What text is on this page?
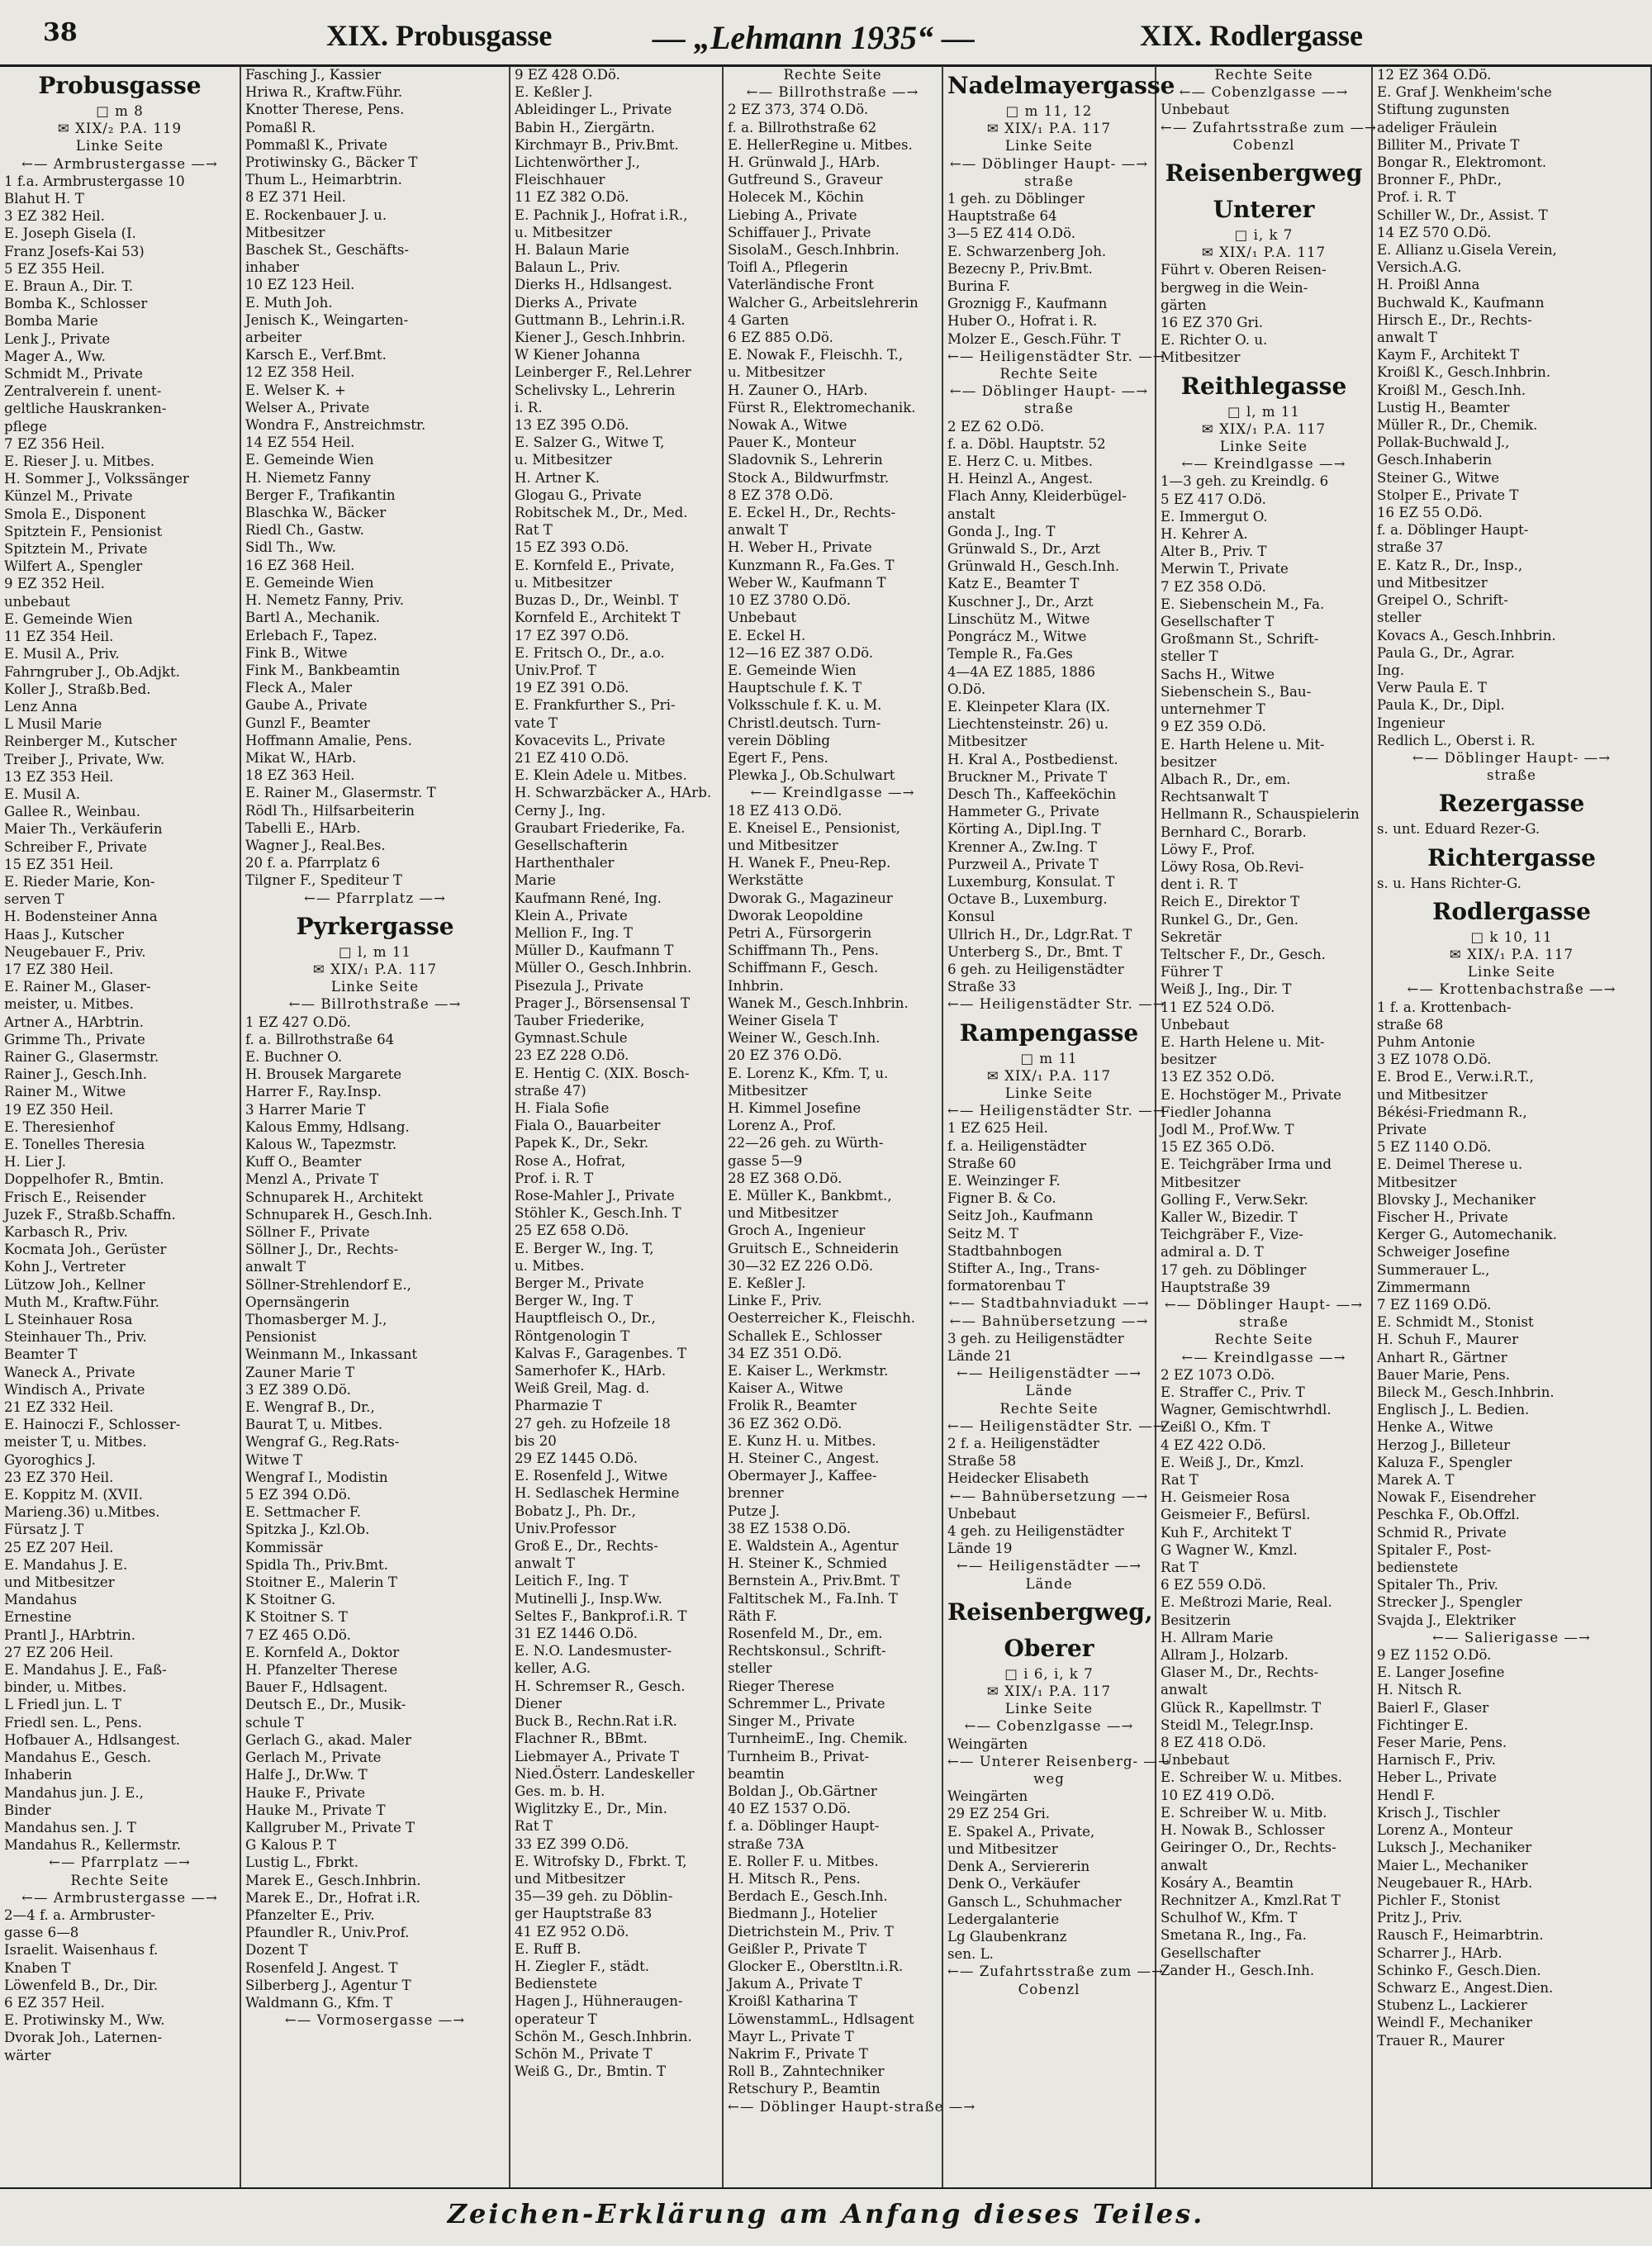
38	XIX. Probusgasse	— „Lehmann 1935“ —	XIX. Rodlergasse
Probusgasse
□ m 8
✉ XIX/₂ P.A. 119
Linke Seite
←— Armbrustergasse —→
1 f.a. Armbrustergasse 10
Blahut H. T
3 EZ 382 Heil.
E. Joseph Gisela (I.
Franz Josefs-Kai 53)
5 EZ 355 Heil.
E. Braun A., Dir. T.
Bomba K., Schlosser
Bomba Marie
Lenk J., Private
Mager A., Ww.
Schmidt M., Private
Zentralverein f. unent-
geltliche Hauskranken-
pflege
7 EZ 356 Heil.
E. Rieser J. u. Mitbes.
H. Sommer J., Volkssänger
Künzel M., Private
Smola E., Disponent
Spitztein F., Pensionist
Spitztein M., Private
Wilfert A., Spengler
9 EZ 352 Heil.
unbebaut
E. Gemeinde Wien
11 EZ 354 Heil.
E. Musil A., Priv.
Fahrngruber J., Ob.Adjkt.
Koller J., Straßb.Bed.
Lenz Anna
L Musil Marie
Reinberger M., Kutscher
Treiber J., Private, Ww.
13 EZ 353 Heil.
E. Musil A.
Gallee R., Weinbau.
Maier Th., Verkäuferin
Schreiber F., Private
15 EZ 351 Heil.
E. Rieder Marie, Kon-
serven T
H. Bodensteiner Anna
Haas J., Kutscher
Neugebauer F., Priv.
17 EZ 380 Heil.
E. Rainer M., Glaser-
meister, u. Mitbes.
Artner A., HArbtrin.
Grimme Th., Private
Rainer G., Glasermstr.
Rainer J., Gesch.Inh.
Rainer M., Witwe
19 EZ 350 Heil.
E. Theresienhof
E. Tonelles Theresia
H. Lier J.
Doppelhofer R., Bmtin.
Frisch E., Reisender
Juzek F., Straßb.Schaffn.
Karbasch R., Priv.
Kocmata Joh., Gerüster
Kohn J., Vertreter
Lützow Joh., Kellner
Muth M., Kraftw.Führ.
L Steinhauer Rosa
Steinhauer Th., Priv.
Beamter T
Waneck A., Private
Windisch A., Private
21 EZ 332 Heil.
E. Hainoczi F., Schlosser-
meister T, u. Mitbes.
Gyoroghics J.
23 EZ 370 Heil.
E. Koppitz M. (XVII.
Marieng.36) u.Mitbes.
Fürsatz J. T
25 EZ 207 Heil.
E. Mandahus J. E.
und Mitbesitzer
Mandahus
Ernestine
Prantl J., HArbtrin.
27 EZ 206 Heil.
E. Mandahus J. E., Faß-
binder, u. Mitbes.
L Friedl jun. L. T
Friedl sen. L., Pens.
Hofbauer A., Hdlsangest.
Mandahus E., Gesch.
Inhaberin
Mandahus jun. J. E.,
Binder
Mandahus sen. J. T
Mandahus R., Kellermstr.
←— Pfarrplatz —→
Rechte Seite
←— Armbrustergasse —→
2—4 f. a. Armbruster-
gasse 6—8
Israelit. Waisenhaus f.
Knaben T
Löwenfeld B., Dr., Dir.
6 EZ 357 Heil.
E. Protiwinsky M., Ww.
Dvorak Joh., Laternen-
wärter
Fasching J., Kassier
Hriwa R., Kraftw.Führ.
Knotter Therese, Pens.
Pomaßl R.
Pommaßl K., Private
Protiwinsky G., Bäcker T
Thum L., Heimarbtrin.
8 EZ 371 Heil.
E. Rockenbauer J. u.
Mitbesitzer
Baschek St., Geschäfts-
inhaber
10 EZ 123 Heil.
E. Muth Joh.
Jenisch K., Weingarten-
arbeiter
Karsch E., Verf.Bmt.
12 EZ 358 Heil.
E. Welser K. +
Welser A., Private
Wondra F., Anstreichmstr.
14 EZ 554 Heil.
E. Gemeinde Wien
H. Niemetz Fanny
Berger F., Trafikantin
Blaschka W., Bäcker
Riedl Ch., Gastw.
Sidl Th., Ww.
16 EZ 368 Heil.
E. Gemeinde Wien
H. Nemetz Fanny, Priv.
Bartl A., Mechanik.
Erlebach F., Tapez.
Fink B., Witwe
Fink M., Bankbeamtin
Fleck A., Maler
Gaube A., Private
Gunzl F., Beamter
Hoffmann Amalie, Pens.
Mikat W., HArb.
18 EZ 363 Heil.
E. Rainer M., Glasermstr. T
Rödl Th., Hilfsarbeiterin
Tabelli E., HArb.
Wagner J., Real.Bes.
20 f. a. Pfarrplatz 6
Tilgner F., Spediteur T
←— Pfarrplatz —→
Pyrkergasse
□ l, m 11
✉ XIX/₁ P.A. 117
Linke Seite
←— Billrothstraße —→
1 EZ 427 O.Dö.
f. a. Billrothstraße 64
E. Buchner O.
H. Brousek Margarete
Harrer F., Ray.Insp.
3 Harrer Marie T
Kalous Emmy, Hdlsang.
Kalous W., Tapezmstr.
Kuff O., Beamter
Menzl A., Private T
Schnuparek H., Architekt
Schnuparek H., Gesch.Inh.
Söllner F., Private
Söllner J., Dr., Rechts-
anwalt T
Söllner-Strehlendorf E.,
Opernsängerin
Thomasberger M. J.,
Pensionist
Weinmann M., Inkassant
Zauner Marie T
3 EZ 389 O.Dö.
E. Wengraf B., Dr.,
Baurat T, u. Mitbes.
Wengraf G., Reg.Rats-
Witwe T
Wengraf I., Modistin
5 EZ 394 O.Dö.
E. Settmacher F.
Spitzka J., Kzl.Ob.
Kommissär
Spidla Th., Priv.Bmt.
Stoitner E., Malerin T
K Stoitner G.
K Stoitner S. T
7 EZ 465 O.Dö.
E. Kornfeld A., Doktor
H. Pfanzelter Therese
Bauer F., Hdlsagent.
Deutsch E., Dr., Musik-
schule T
Gerlach G., akad. Maler
Gerlach M., Private
Halfe J., Dr.Ww. T
Hauke F., Private
Hauke M., Private T
Kallgruber M., Private T
G Kalous P. T
Lustig L., Fbrkt.
Marek E., Gesch.Inhbrin.
Marek E., Dr., Hofrat i.R.
Pfanzelter E., Priv.
Pfaundler R., Univ.Prof.
Dozent T
Rosenfeld J. Angest. T
Silberberg J., Agentur T
Waldmann G., Kfm. T
←— Vormosergasse —→
9 EZ 428 O.Dö.
E. Keßler J.
Ableidinger L., Private
Babin H., Ziergärtn.
Kirchmayr B., Priv.Bmt.
Lichtenwörther J.,
Fleischhauer
11 EZ 382 O.Dö.
E. Pachnik J., Hofrat i.R.,
u. Mitbesitzer
H. Balaun Marie
Balaun L., Priv.
Dierks H., Hdlsangest.
Dierks A., Private
Guttmann B., Lehrin.i.R.
Kiener J., Gesch.Inhbrin.
W Kiener Johanna
Leinberger F., Rel.Lehrer
Schelivsky L., Lehrerin
i. R.
13 EZ 395 O.Dö.
E. Salzer G., Witwe T,
u. Mitbesitzer
H. Artner K.
Glogau G., Private
Robitschek M., Dr., Med.
Rat T
15 EZ 393 O.Dö.
E. Kornfeld E., Private,
u. Mitbesitzer
Buzas D., Dr., Weinbl. T
Kornfeld E., Architekt T
17 EZ 397 O.Dö.
E. Fritsch O., Dr., a.o.
Univ.Prof. T
19 EZ 391 O.Dö.
E. Frankfurther S., Pri-
vate T
Kovacevits L., Private
21 EZ 410 O.Dö.
E. Klein Adele u. Mitbes.
H. Schwarzbäcker A., HArb.
Cerny J., Ing.
Graubart Friederike, Fa.
Gesellschafterin
Harthenthaler
Marie
Kaufmann René, Ing.
Klein A., Private
Mellion F., Ing. T
Müller D., Kaufmann T
Müller O., Gesch.Inhbrin.
Pisezula J., Private
Prager J., Börsensensal T
Tauber Friederike,
Gymnast.Schule
23 EZ 228 O.Dö.
E. Hentig C. (XIX. Bosch-
straße 47)
H. Fiala Sofie
Fiala O., Bauarbeiter
Papek K., Dr., Sekr.
Rose A., Hofrat,
Prof. i. R. T
Rose-Mahler J., Private
Stöhler K., Gesch.Inh. T
25 EZ 658 O.Dö.
E. Berger W., Ing. T,
u. Mitbes.
Berger M., Private
Berger W., Ing. T
Hauptfleisch O., Dr.,
Röntgenologin T
Kalvas F., Garagenbes. T
Samerhofer K., HArb.
Weiß Greil, Mag. d.
Pharmazie T
27 geh. zu Hofzeile 18
bis 20
29 EZ 1445 O.Dö.
E. Rosenfeld J., Witwe
H. Sedlaschek Hermine
Bobatz J., Ph. Dr.,
Univ.Professor
Groß E., Dr., Rechts-
anwalt T
Leitich F., Ing. T
Mutinelli J., Insp.Ww.
Seltes F., Bankprof.i.R. T
31 EZ 1446 O.Dö.
E. N.O. Landesmuster-
keller, A.G.
H. Schremser R., Gesch.
Diener
Buck B., Rechn.Rat i.R.
Flachner R., BBmt.
Liebmayer A., Private T
Nied.Österr. Landeskeller
Ges. m. b. H.
Wiglitzky E., Dr., Min.
Rat T
33 EZ 399 O.Dö.
E. Witrofsky D., Fbrkt. T,
und Mitbesitzer
35—39 geh. zu Döblin-
ger Hauptstraße 83
41 EZ 952 O.Dö.
E. Ruff B.
H. Ziegler F., städt.
Bedienstete
Hagen J., Hühneraugen-
operateur T
Schön M., Gesch.Inhbrin.
Schön M., Private T
Weiß G., Dr., Bmtin. T
Rechte Seite
←— Billrothstraße —→
2 EZ 373, 374 O.Dö.
f. a. Billrothstraße 62
E. HellerRegine u. Mitbes.
H. Grünwald J., HArb.
Gutfreund S., Graveur
Holecek M., Köchin
Liebing A., Private
Schiffauer J., Private
SisolaM., Gesch.Inhbrin.
Toifl A., Pflegerin
Vaterländische Front
Walcher G., Arbeitslehrerin
4 Garten
6 EZ 885 O.Dö.
E. Nowak F., Fleischh. T.,
u. Mitbesitzer
H. Zauner O., HArb.
Fürst R., Elektromechanik.
Nowak A., Witwe
Pauer K., Monteur
Sladovnik S., Lehrerin
Stock A., Bildwurfmstr.
8 EZ 378 O.Dö.
E. Eckel H., Dr., Rechts-
anwalt T
H. Weber H., Private
Kunzmann R., Fa.Ges. T
Weber W., Kaufmann T
10 EZ 3780 O.Dö.
Unbebaut
E. Eckel H.
12—16 EZ 387 O.Dö.
E. Gemeinde Wien
Hauptschule f. K. T
Volksschule f. K. u. M.
Christl.deutsch. Turn-
verein Döbling
Egert F., Pens.
Plewka J., Ob.Schulwart
←— Kreindlgasse —→
18 EZ 413 O.Dö.
E. Kneisel E., Pensionist,
und Mitbesitzer
H. Wanek F., Pneu-Rep.
Werkstätte
Dworak G., Magazineur
Dworak Leopoldine
Petri A., Fürsorgerin
Schiffmann Th., Pens.
Schiffmann F., Gesch.
Inhbrin.
Wanek M., Gesch.Inhbrin.
Weiner Gisela T
Weiner W., Gesch.Inh.
20 EZ 376 O.Dö.
E. Lorenz K., Kfm. T, u.
Mitbesitzer
H. Kimmel Josefine
Lorenz A., Prof.
22—26 geh. zu Würth-
gasse 5—9
28 EZ 368 O.Dö.
E. Müller K., Bankbmt.,
und Mitbesitzer
Groch A., Ingenieur
Gruitsch E., Schneiderin
30—32 EZ 226 O.Dö.
E. Keßler J.
Linke F., Priv.
Oesterreicher K., Fleischh.
Schallek E., Schlosser
34 EZ 351 O.Dö.
E. Kaiser L., Werkmstr.
Kaiser A., Witwe
Frolik R., Beamter
36 EZ 362 O.Dö.
E. Kunz H. u. Mitbes.
H. Steiner C., Angest.
Obermayer J., Kaffee-
brenner
Putze J.
38 EZ 1538 O.Dö.
E. Waldstein A., Agentur
H. Steiner K., Schmied
Bernstein A., Priv.Bmt. T
Faltitschek M., Fa.Inh. T
Räth F.
Rosenfeld M., Dr., em.
Rechtskonsul., Schrift-
steller
Rieger Therese
Schremmer L., Private
Singer M., Private
TurnheimE., Ing. Chemik.
Turnheim B., Privat-
beamtin
Boldan J., Ob.Gärtner
40 EZ 1537 O.Dö.
f. a. Döblinger Haupt-
straße 73A
E. Roller F. u. Mitbes.
H. Mitsch R., Pens.
Berdach E., Gesch.Inh.
Biedmann J., Hotelier
Dietrichstein M., Priv. T
Geißler P., Private T
Glocker E., Oberstltn.i.R.
Jakum A., Private T
Kroißl Katharina T
LöwenstammL., Hdlsagent
Mayr L., Private T
Nakrim F., Private T
Roll B., Zahntechniker
Retschury P., Beamtin
←— Döblinger Haupt-straße —→
Nadelmayergasse
□ m 11, 12
✉ XIX/₁ P.A. 117
Linke Seite
←— Döblinger Haupt- —→
straße
1 geh. zu Döblinger
Hauptstraße 64
3—5 EZ 414 O.Dö.
E. Schwarzenberg Joh.
Bezecny P., Priv.Bmt.
Burina F.
Groznigg F., Kaufmann
Huber O., Hofrat i. R.
Molzer E., Gesch.Führ. T
←— Heiligenstädter Str. —→
Rechte Seite
←— Döblinger Haupt- —→
straße
2 EZ 62 O.Dö.
f. a. Döbl. Hauptstr. 52
E. Herz C. u. Mitbes.
H. Heinzl A., Angest.
Flach Anny, Kleiderbügel-
anstalt
Gonda J., Ing. T
Grünwald S., Dr., Arzt
Grünwald H., Gesch.Inh.
Katz E., Beamter T
Kuschner J., Dr., Arzt
Linschütz M., Witwe
Pongrácz M., Witwe
Temple R., Fa.Ges
4—4A EZ 1885, 1886
O.Dö.
E. Kleinpeter Klara (IX.
Liechtensteinstr. 26) u.
Mitbesitzer
H. Kral A., Postbedienst.
Bruckner M., Private T
Desch Th., Kaffeeköchin
Hammeter G., Private
Körting A., Dipl.Ing. T
Krenner A., Zw.Ing. T
Purzweil A., Private T
Luxemburg, Konsulat. T
Octave B., Luxemburg.
Konsul
Ullrich H., Dr., Ldgr.Rat. T
Unterberg S., Dr., Bmt. T
6 geh. zu Heiligenstädter
Straße 33
←— Heiligenstädter Str. —→
Rampengasse
□ m 11
✉ XIX/₁ P.A. 117
Linke Seite
←— Heiligenstädter Str. —→
1 EZ 625 Heil.
f. a. Heiligenstädter
Straße 60
E. Weinzinger F.
Figner B. & Co.
Seitz Joh., Kaufmann
Seitz M. T
Stadtbahnbogen
Stifter A., Ing., Trans-
formatorenbau T
←— Stadtbahnviadukt —→
←— Bahnübersetzung —→
3 geh. zu Heiligenstädter
Lände 21
←— Heiligenstädter —→
Lände
Rechte Seite
←— Heiligenstädter Str. —→
2 f. a. Heiligenstädter
Straße 58
Heidecker Elisabeth
←— Bahnübersetzung —→
Unbebaut
4 geh. zu Heiligenstädter
Lände 19
←— Heiligenstädter —→
Lände
Reisenbergweg,
Oberer
□ i 6, i, k 7
✉ XIX/₁ P.A. 117
Linke Seite
←— Cobenzlgasse —→
Weingärten
←— Unterer Reisenberg- —→
weg
Weingärten
29 EZ 254 Gri.
E. Spakel A., Private,
und Mitbesitzer
Denk A., Serviererin
Denk O., Verkäufer
Gansch L., Schuhmacher
Ledergalanterie
Lg Glaubenkranz
sen. L.
←— Zufahrtsstraße zum —→
Cobenzl
Rechte Seite
←— Cobenzlgasse —→
Unbebaut
←— Zufahrtsstraße zum —→
Cobenzl
Reisenbergweg
Unterer
□ i, k 7
✉ XIX/₁ P.A. 117
Führt v. Oberen Reisen-
bergweg in die Wein-
gärten
16 EZ 370 Gri.
E. Richter O. u.
Mitbesitzer
Reithlegasse
□ l, m 11
✉ XIX/₁ P.A. 117
Linke Seite
←— Kreindlgasse —→
1—3 geh. zu Kreindlg. 6
5 EZ 417 O.Dö.
E. Immergut O.
H. Kehrer A.
Alter B., Priv. T
Merwin T., Private
7 EZ 358 O.Dö.
E. Siebenschein M., Fa.
Gesellschafter T
Großmann St., Schrift-
steller T
Sachs H., Witwe
Siebenschein S., Bau-
unternehmer T
9 EZ 359 O.Dö.
E. Harth Helene u. Mit-
besitzer
Albach R., Dr., em.
Rechtsanwalt T
Hellmann R., Schauspielerin
Bernhard C., Borarb.
Löwy F., Prof.
Löwy Rosa, Ob.Revi-
dent i. R. T
Reich E., Direktor T
Runkel G., Dr., Gen.
Sekretär
Teltscher F., Dr., Gesch.
Führer T
Weiß J., Ing., Dir. T
11 EZ 524 O.Dö.
Unbebaut
E. Harth Helene u. Mit-
besitzer
13 EZ 352 O.Dö.
E. Hochstöger M., Private
Fiedler Johanna
Jodl M., Prof.Ww. T
15 EZ 365 O.Dö.
E. Teichgräber Irma und
Mitbesitzer
Golling F., Verw.Sekr.
Kaller W., Bizedir. T
Teichgräber F., Vize-
admiral a. D. T
17 geh. zu Döblinger
Hauptstraße 39
←— Döblinger Haupt- —→
straße
Rechte Seite
←— Kreindlgasse —→
2 EZ 1073 O.Dö.
E. Straffer C., Priv. T
Wagner, Gemischtwrhdl.
Zeißl O., Kfm. T
4 EZ 422 O.Dö.
E. Weiß J., Dr., Kmzl.
Rat T
H. Geismeier Rosa
Geismeier F., Befürsl.
Kuh F., Architekt T
G Wagner W., Kmzl.
Rat T
6 EZ 559 O.Dö.
E. Meßtrozi Marie, Real.
Besitzerin
H. Allram Marie
Allram J., Holzarb.
Glaser M., Dr., Rechts-
anwalt
Glück R., Kapellmstr. T
Steidl M., Telegr.Insp.
8 EZ 418 O.Dö.
Unbebaut
E. Schreiber W. u. Mitbes.
10 EZ 419 O.Dö.
E. Schreiber W. u. Mitb.
H. Nowak B., Schlosser
Geiringer O., Dr., Rechts-
anwalt
Kosáry A., Beamtin
Rechnitzer A., Kmzl.Rat T
Schulhof W., Kfm. T
Smetana R., Ing., Fa.
Gesellschafter
Zander H., Gesch.Inh.
12 EZ 364 O.Dö.
E. Graf J. Wenkheim'sche
Stiftung zugunsten
adeliger Fräulein
Billiter M., Private T
Bongar R., Elektromont.
Bronner F., PhDr.,
Prof. i. R. T
Schiller W., Dr., Assist. T
14 EZ 570 O.Dö.
E. Allianz u.Gisela Verein,
Versich.A.G.
H. Proißl Anna
Buchwald K., Kaufmann
Hirsch E., Dr., Rechts-
anwalt T
Kaym F., Architekt T
Kroißl K., Gesch.Inhbrin.
Kroißl M., Gesch.Inh.
Lustig H., Beamter
Müller R., Dr., Chemik.
Pollak-Buchwald J.,
Gesch.Inhaberin
Steiner G., Witwe
Stolper E., Private T
16 EZ 55 O.Dö.
f. a. Döblinger Haupt-
straße 37
E. Katz R., Dr., Insp.,
und Mitbesitzer
Greipel O., Schrift-
steller
Kovacs A., Gesch.Inhbrin.
Paula G., Dr., Agrar.
Ing.
Verw Paula E. T
Paula K., Dr., Dipl.
Ingenieur
Redlich L., Oberst i. R.
←— Döblinger Haupt- —→
straße
Rezergasse
s. unt. Eduard Rezer-G.
Richtergasse
s. u. Hans Richter-G.
Rodlergasse
□ k 10, 11
✉ XIX/₁ P.A. 117
Linke Seite
←— Krottenbachstraße —→
1 f. a. Krottenbach-
straße 68
Puhm Antonie
3 EZ 1078 O.Dö.
E. Brod E., Verw.i.R.T.,
und Mitbesitzer
Békési-Friedmann R.,
Private
5 EZ 1140 O.Dö.
E. Deimel Therese u.
Mitbesitzer
Blovsky J., Mechaniker
Fischer H., Private
Kerger G., Automechanik.
Schweiger Josefine
Summerauer L.,
Zimmermann
7 EZ 1169 O.Dö.
E. Schmidt M., Stonist
H. Schuh F., Maurer
Anhart R., Gärtner
Bauer Marie, Pens.
Bileck M., Gesch.Inhbrin.
Englisch J., L. Bedien.
Henke A., Witwe
Herzog J., Billeteur
Kaluza F., Spengler
Marek A. T
Nowak F., Eisendreher
Peschka F., Ob.Offzl.
Schmid R., Private
Spitaler F., Post-
bedienstete
Spitaler Th., Priv.
Strecker J., Spengler
Svajda J., Elektriker
←— Salierigasse —→
9 EZ 1152 O.Dö.
E. Langer Josefine
H. Nitsch R.
Baierl F., Glaser
Fichtinger E.
Feser Marie, Pens.
Harnisch F., Priv.
Heber L., Private
Hendl F.
Krisch J., Tischler
Lorenz A., Monteur
Luksch J., Mechaniker
Maier L., Mechaniker
Neugebauer R., HArb.
Pichler F., Stonist
Pritz J., Priv.
Rausch F., Heimarbtrin.
Scharrer J., HArb.
Schinko F., Gesch.Dien.
Schwarz E., Angest.Dien.
Stubenz L., Lackierer
Weindl F., Mechaniker
Trauer R., Maurer
Zeichen-Erklärung am Anfang dieses Teiles.
